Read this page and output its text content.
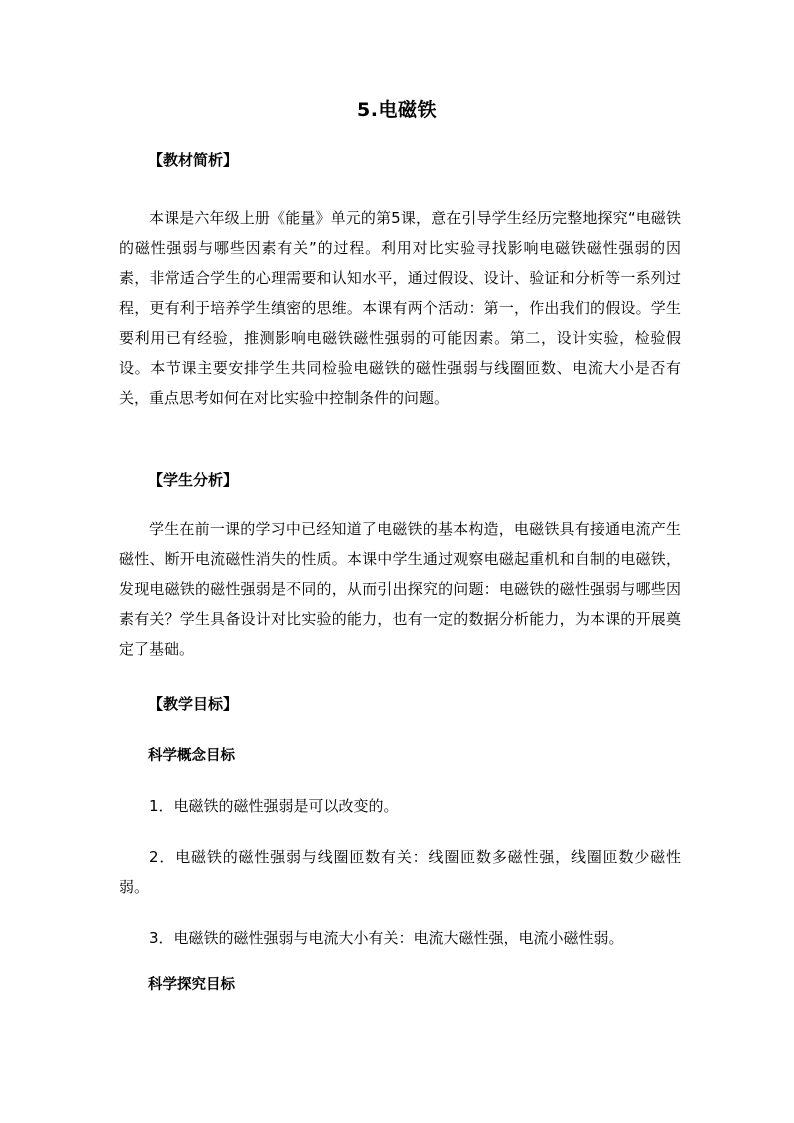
5.电磁铁
【教材简析】
本课是六年级上册《能量》单元的第5课，意在引导学生经历完整地探究“电磁铁的磁性强弱与哪些因素有关”的过程。利用对比实验寻找影响电磁铁磁性强弱的因素，非常适合学生的心理需要和认知水平，通过假设、设计、验证和分析等一系列过程，更有利于培养学生缜密的思维。本课有两个活动：第一，作出我们的假设。学生要利用已有经验，推测影响电磁铁磁性强弱的可能因素。第二，设计实验，检验假设。本节课主要安排学生共同检验电磁铁的磁性强弱与线圈匝数、电流大小是否有关，重点思考如何在对比实验中控制条件的问题。
【学生分析】
学生在前一课的学习中已经知道了电磁铁的基本构造，电磁铁具有接通电流产生磁性、断开电流磁性消失的性质。本课中学生通过观察电磁起重机和自制的电磁铁，发现电磁铁的磁性强弱是不同的，从而引出探究的问题：电磁铁的磁性强弱与哪些因素有关？学生具备设计对比实验的能力，也有一定的数据分析能力，为本课的开展奠定了基础。
【教学目标】
科学概念目标
1．电磁铁的磁性强弱是可以改变的。
2．电磁铁的磁性强弱与线圈匝数有关：线圈匝数多磁性强，线圈匝数少磁性弱。
3．电磁铁的磁性强弱与电流大小有关：电流大磁性强，电流小磁性弱。
科学探究目标
